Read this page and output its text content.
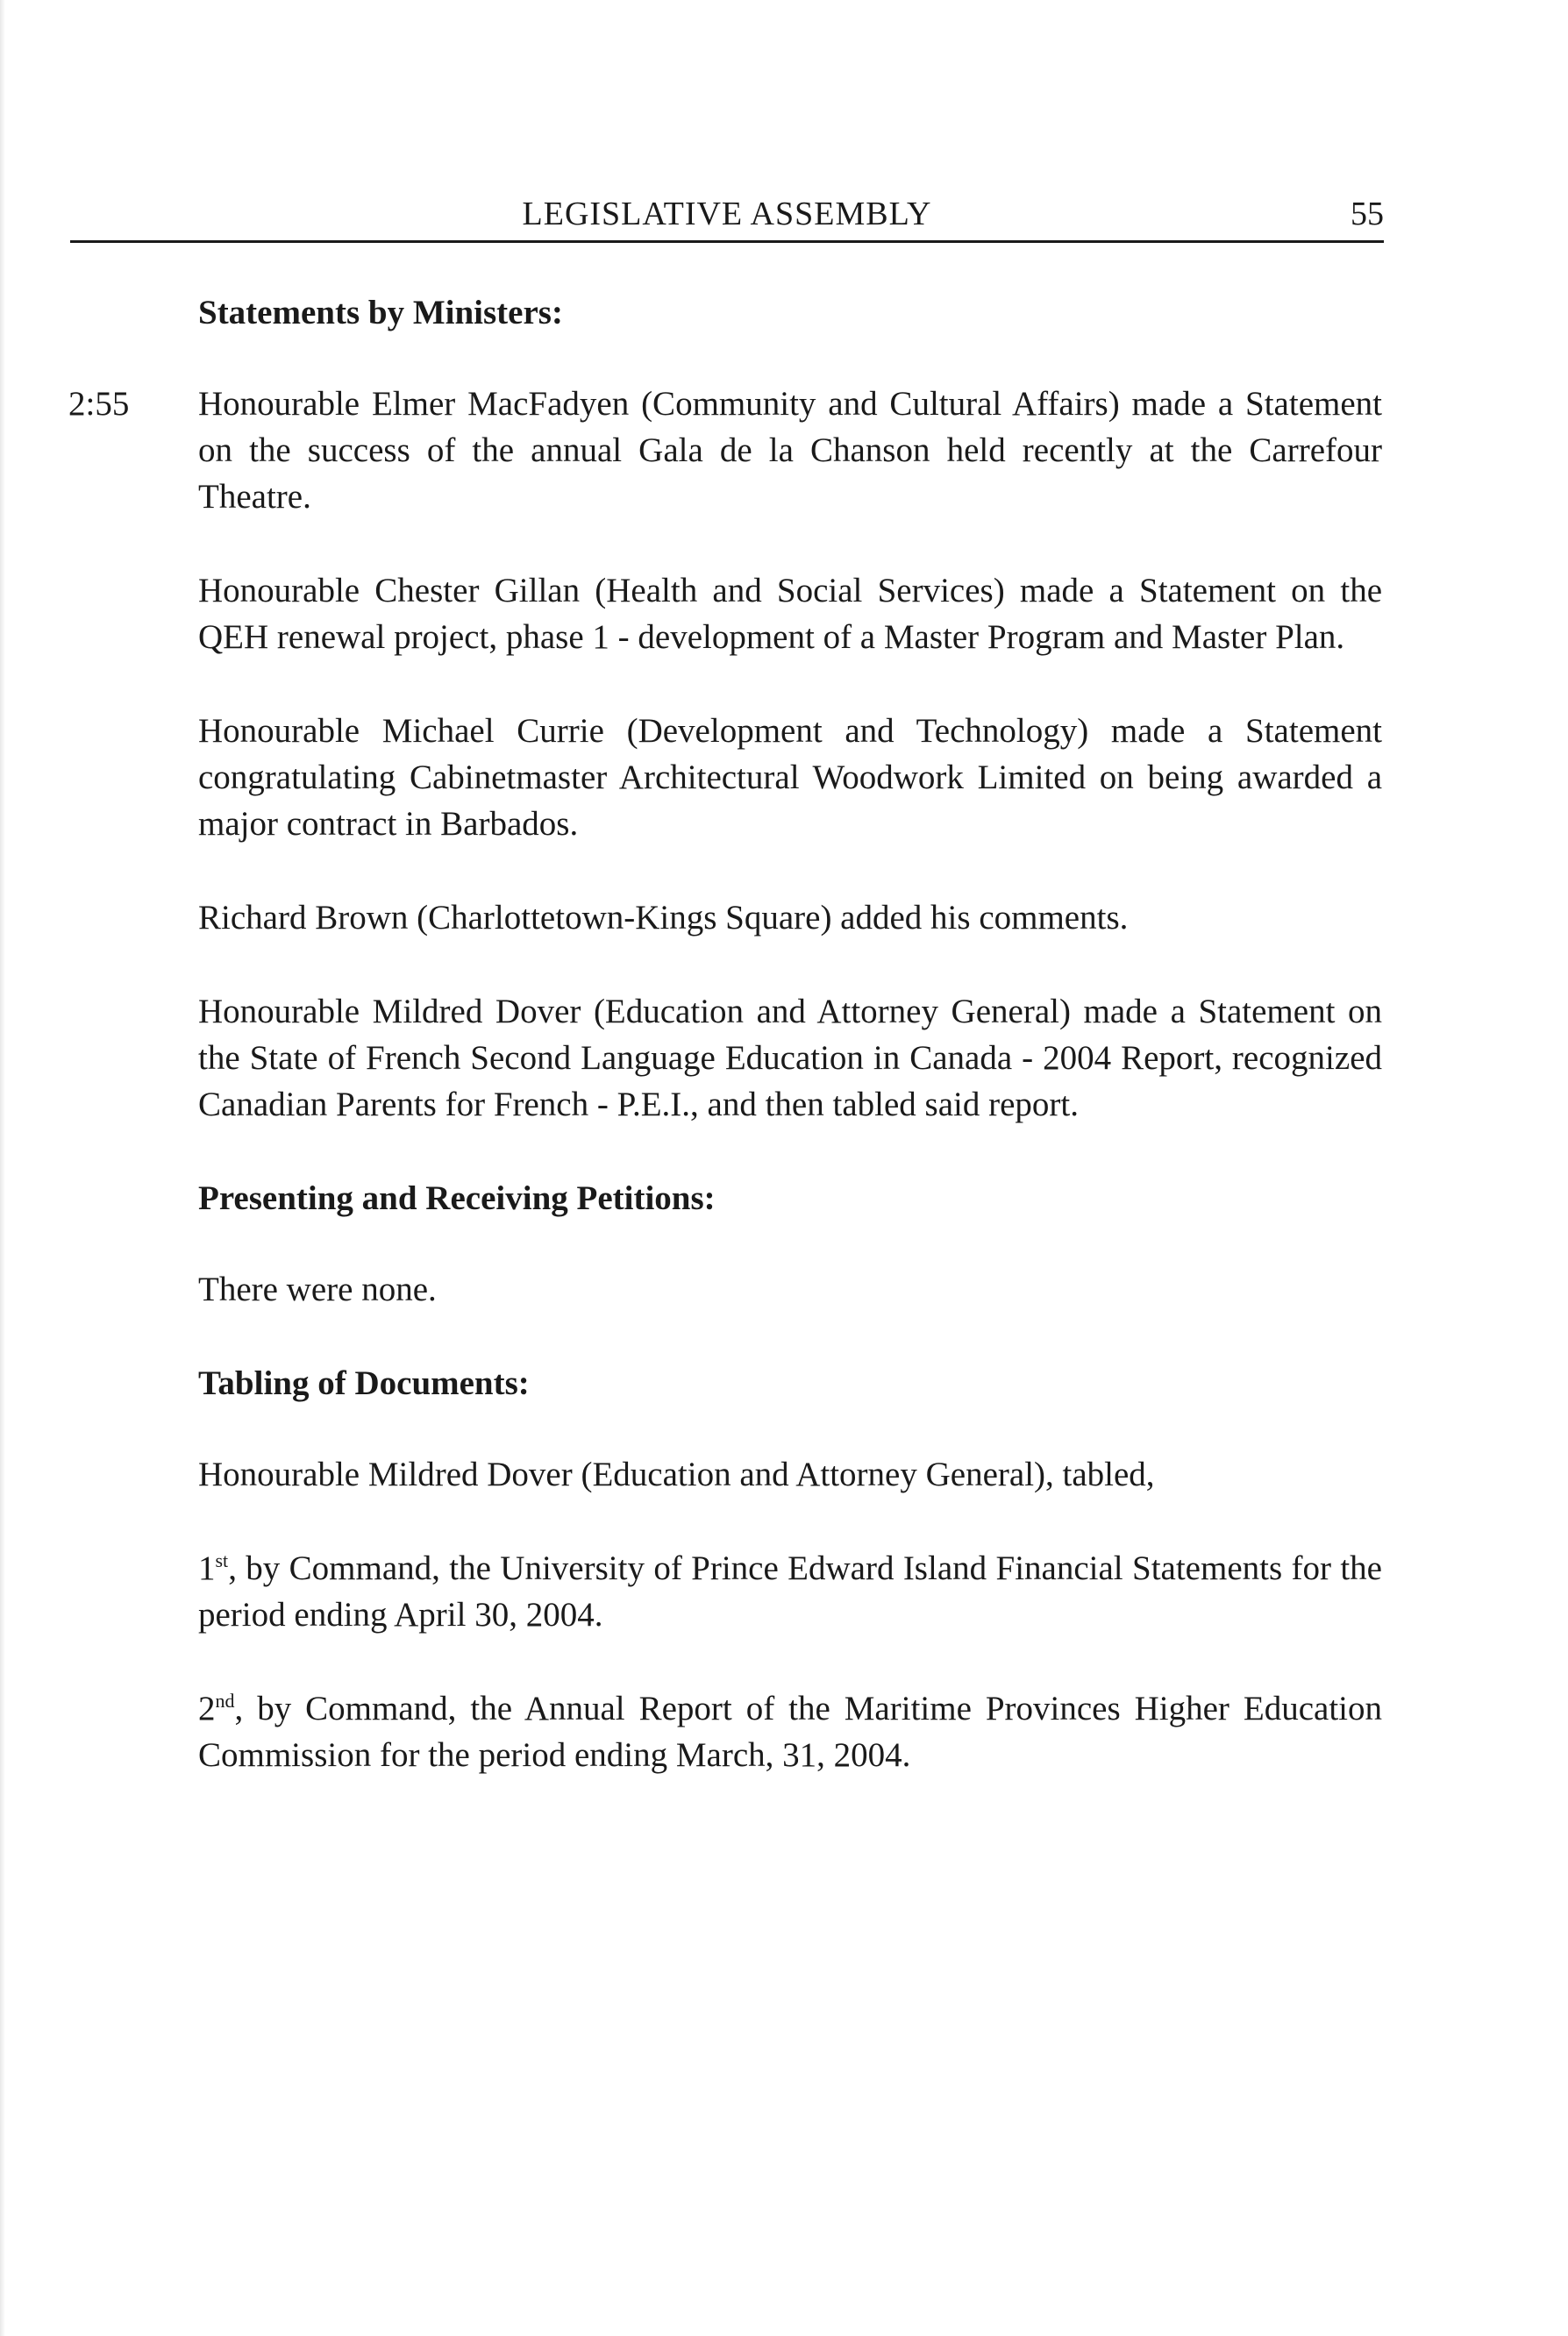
LEGISLATIVE ASSEMBLY	55
Statements by Ministers:

2:55 Honourable Elmer MacFadyen (Community and Cultural Affairs) made a Statement on the success of the annual Gala de la Chanson held recently at the Carrefour Theatre.

Honourable Chester Gillan (Health and Social Services) made a Statement on the QEH renewal project, phase 1 - development of a Master Program and Master Plan.

Honourable Michael Currie (Development and Technology) made a Statement congratulating Cabinetmaster Architectural Woodwork Limited on being awarded a major contract in Barbados.

Richard Brown (Charlottetown-Kings Square) added his comments.

Honourable Mildred Dover (Education and Attorney General) made a Statement on the State of French Second Language Education in Canada - 2004 Report, recognized Canadian Parents for French - P.E.I., and then tabled said report.

Presenting and Receiving Petitions:

There were none.

Tabling of Documents:

Honourable Mildred Dover (Education and Attorney General), tabled,

1st, by Command, the University of Prince Edward Island Financial Statements for the period ending April 30, 2004.

2nd, by Command, the Annual Report of the Maritime Provinces Higher Education Commission for the period ending March, 31, 2004.
